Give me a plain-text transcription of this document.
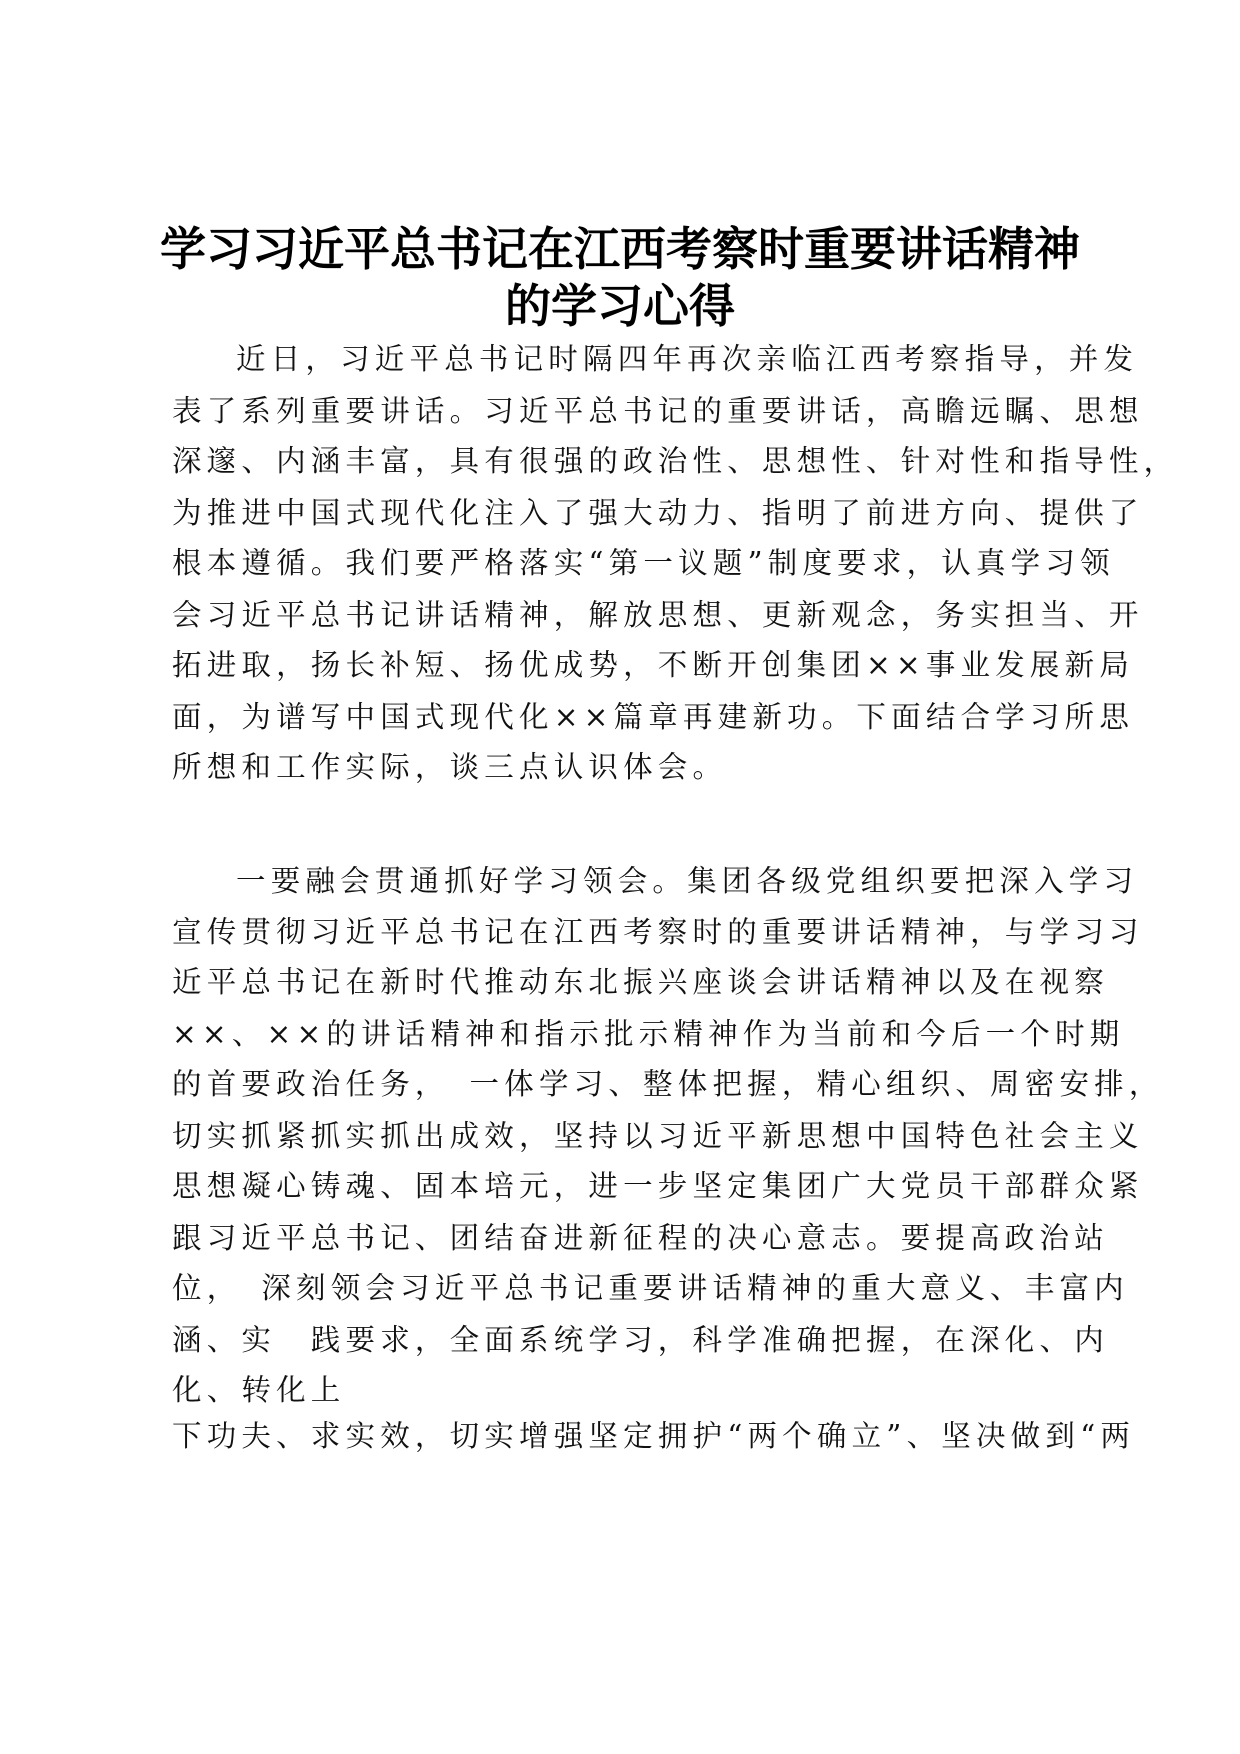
学习习近平总书记在江西考察时重要讲话精神
的学习心得
近日，习近平总书记时隔四年再次亲临江西考察指导，并发
表了系列重要讲话。习近平总书记的重要讲话，高瞻远瞩、思想
深邃、内涵丰富，具有很强的政治性、思想性、针对性和指导性，
为推进中国式现代化注入了强大动力、指明了前进方向、提供了
根本遵循。我们要严格落实“第一议题”制度要求，认真学习领
会习近平总书记讲话精神，解放思想、更新观念，务实担当、开
拓进取，扬长补短、扬优成势，不断开创集团××事业发展新局
面，为谱写中国式现代化××篇章再建新功。下面结合学习所思
所想和工作实际，谈三点认识体会。
一要融会贯通抓好学习领会。集团各级党组织要把深入学习
宣传贯彻习近平总书记在江西考察时的重要讲话精神，与学习习
近平总书记在新时代推动东北振兴座谈会讲话精神以及在视察
××、××的讲话精神和指示批示精神作为当前和今后一个时期
的首要政治任务，　一体学习、整体把握，精心组织、周密安排，
切实抓紧抓实抓出成效，坚持以习近平新思想中国特色社会主义
思想凝心铸魂、固本培元，进一步坚定集团广大党员干部群众紧
跟习近平总书记、团结奋进新征程的决心意志。要提高政治站
位，　深刻领会习近平总书记重要讲话精神的重大意义、丰富内
涵、实　践要求，全面系统学习，科学准确把握，在深化、内
化、转化上
下功夫、求实效，切实增强坚定拥护“两个确立”、坚决做到“两
